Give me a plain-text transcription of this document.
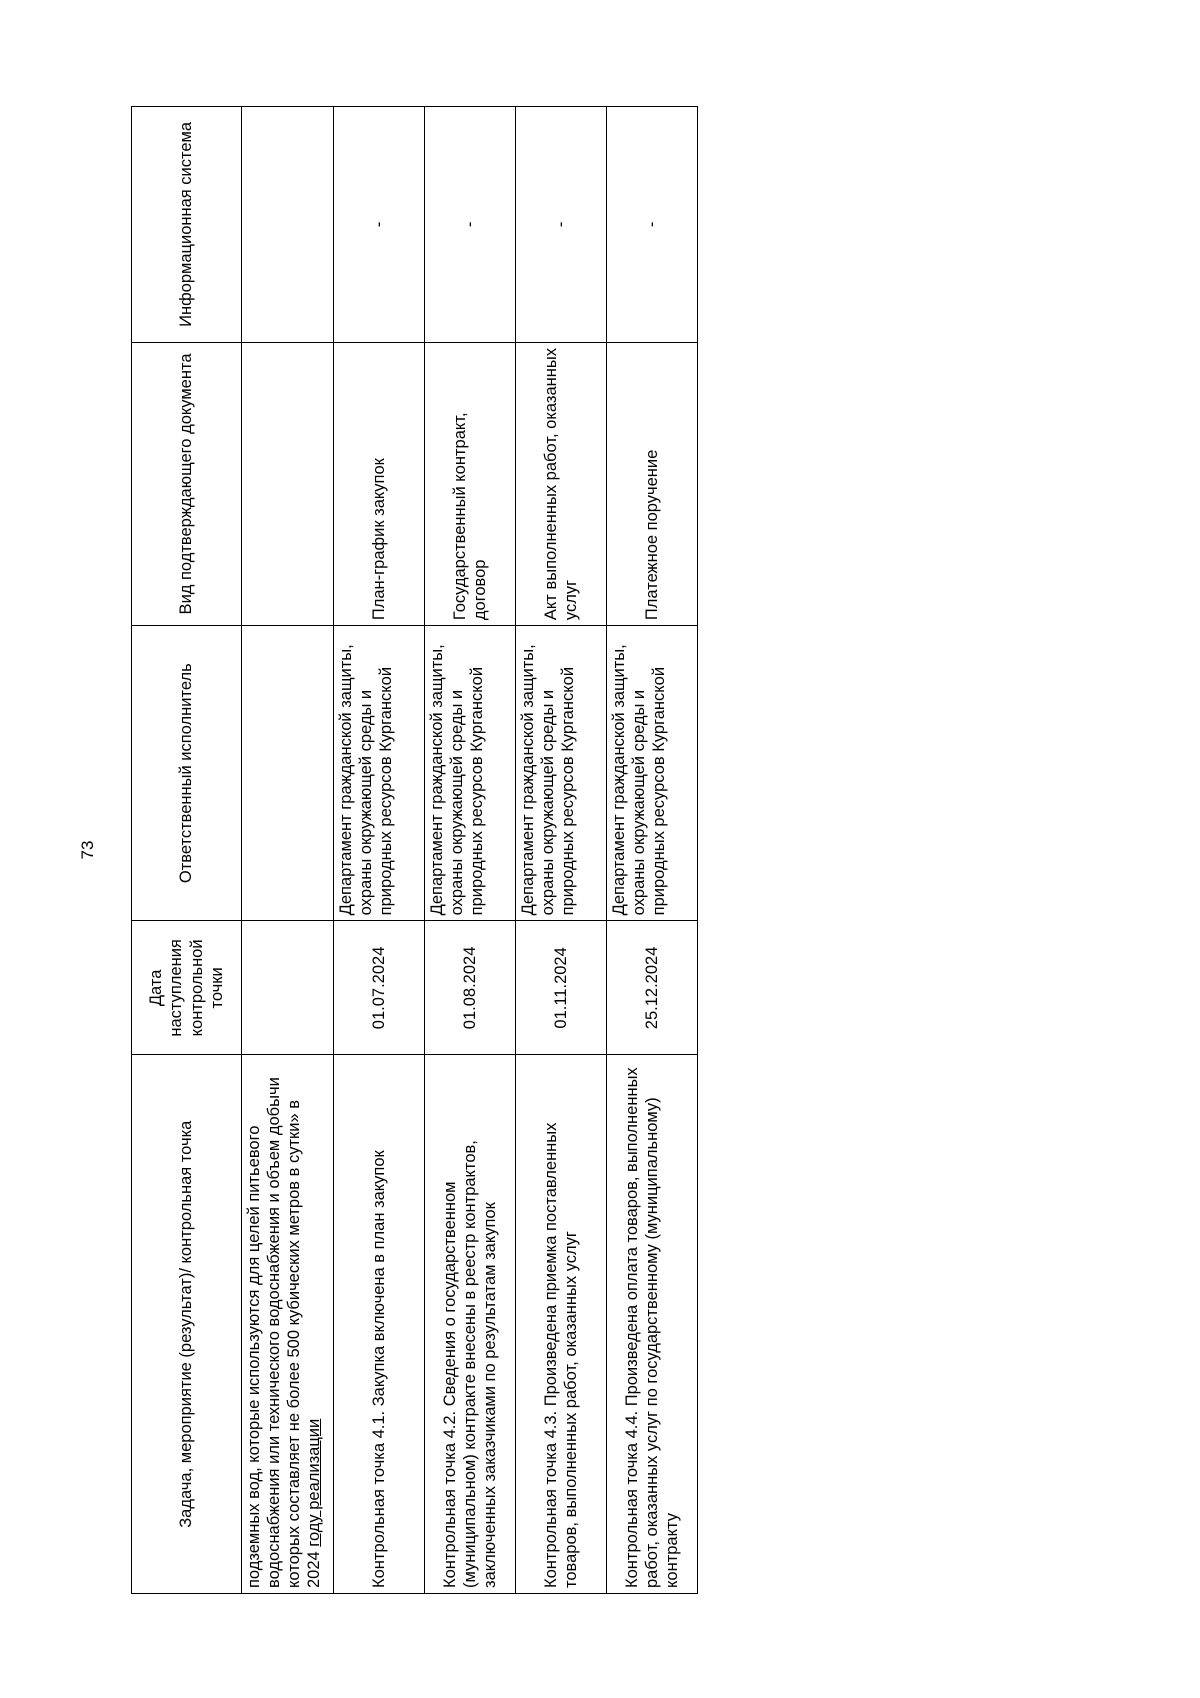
73
Задача, мероприятие (результат)/ контрольная точка	Дата наступления контрольной точки	Ответственный исполнитель	Вид подтверждающего документа	Информационная система
подземных вод, которые используются для целей питьевого водоснабжения или технического водоснабжения и объем добычи которых составляет не более 500 кубических метров в сутки» в 2024 году реализации				
Контрольная точка 4.1. Закупка включена в план закупок	01.07.2024	Департамент гражданской защиты, охраны окружающей среды и природных ресурсов Курганской	План-график закупок	-
Контрольная точка 4.2. Сведения о государственном (муниципальном) контракте внесены в реестр контрактов, заключенных заказчиками по результатам закупок	01.08.2024	Департамент гражданской защиты, охраны окружающей среды и природных ресурсов Курганской	Государственный контракт, договор	-
Контрольная точка 4.3. Произведена приемка поставленных товаров, выполненных работ, оказанных услуг	01.11.2024	Департамент гражданской защиты, охраны окружающей среды и природных ресурсов Курганской	Акт выполненных работ, оказанных услуг	-
Контрольная точка 4.4. Произведена оплата товаров, выполненных работ, оказанных услуг по государственному (муниципальному) контракту	25.12.2024	Департамент гражданской защиты, охраны окружающей среды и природных ресурсов Курганской	Платежное поручение	-
